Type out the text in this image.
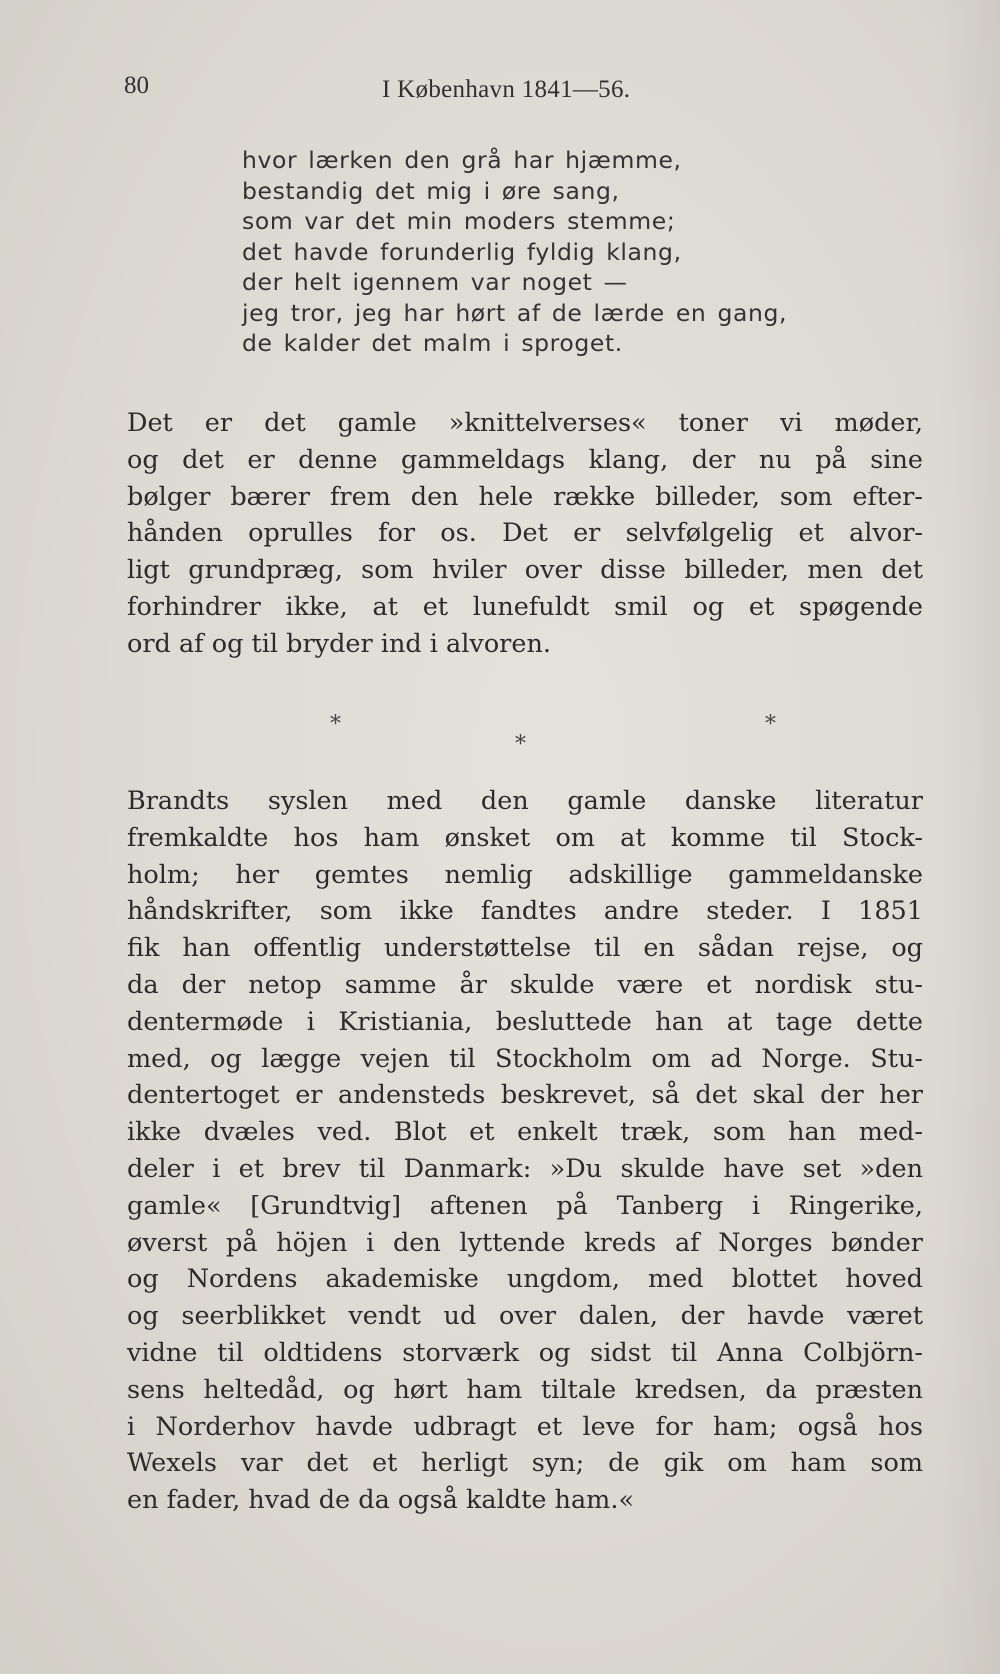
80	I København 1841—56.
hvor lærken den grå har hjæmme,
bestandig det mig i øre sang,
som var det min moders stemme;
det havde forunderlig fyldig klang,
der helt igennem var noget —
jeg tror, jeg har hørt af de lærde en gang,
de kalder det malm i sproget.
Det er det gamle »knittelverses« toner vi møder,
og det er denne gammeldags klang, der nu på sine
bølger bærer frem den hele række billeder, som efter-
hånden oprulles for os. Det er selvfølgelig et alvor-
ligt grundpræg, som hviler over disse billeder, men det
forhindrer ikke, at et lunefuldt smil og et spøgende
ord af og til bryder ind i alvoren.
*
*
*
Brandts syslen med den gamle danske literatur
fremkaldte hos ham ønsket om at komme til Stock-
holm; her gemtes nemlig adskillige gammeldanske
håndskrifter, som ikke fandtes andre steder. I 1851
fik han offentlig understøttelse til en sådan rejse, og
da der netop samme år skulde være et nordisk stu-
dentermøde i Kristiania, besluttede han at tage dette
med, og lægge vejen til Stockholm om ad Norge. Stu-
dentertoget er andensteds beskrevet, så det skal der her
ikke dvæles ved. Blot et enkelt træk, som han med-
deler i et brev til Danmark: »Du skulde have set »den
gamle« [Grundtvig] aftenen på Tanberg i Ringerike,
øverst på höjen i den lyttende kreds af Norges bønder
og Nordens akademiske ungdom, med blottet hoved
og seerblikket vendt ud over dalen, der havde været
vidne til oldtidens storværk og sidst til Anna Colbjörn-
sens heltedåd, og hørt ham tiltale kredsen, da præsten
i Norderhov havde udbragt et leve for ham; også hos
Wexels var det et herligt syn; de gik om ham som
en fader, hvad de da også kaldte ham.«
